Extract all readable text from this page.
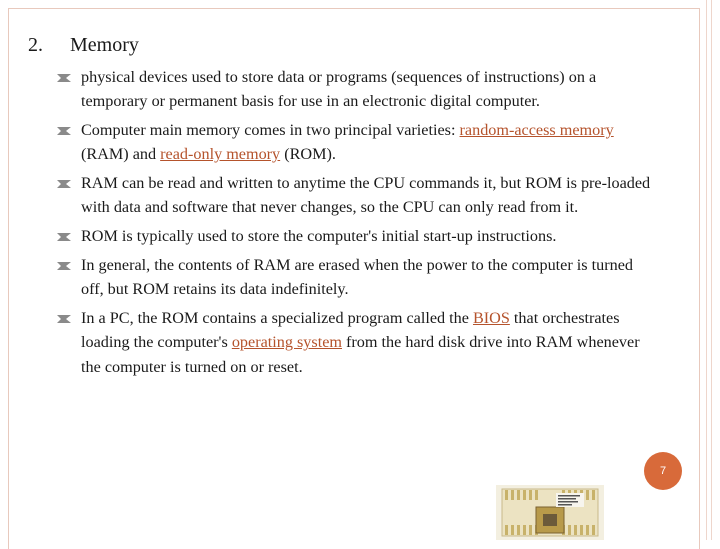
2. Memory
physical devices used to store data or programs (sequences of instructions) on a temporary or permanent basis for use in an electronic digital computer.
Computer main memory comes in two principal varieties: random-access memory (RAM) and read-only memory (ROM).
RAM can be read and written to anytime the CPU commands it, but ROM is pre-loaded with data and software that never changes, so the CPU can only read from it.
ROM is typically used to store the computer's initial start-up instructions.
In general, the contents of RAM are erased when the power to the computer is turned off, but ROM retains its data indefinitely.
In a PC, the ROM contains a specialized program called the BIOS that orchestrates loading the computer's operating system from the hard disk drive into RAM whenever the computer is turned on or reset.
7
